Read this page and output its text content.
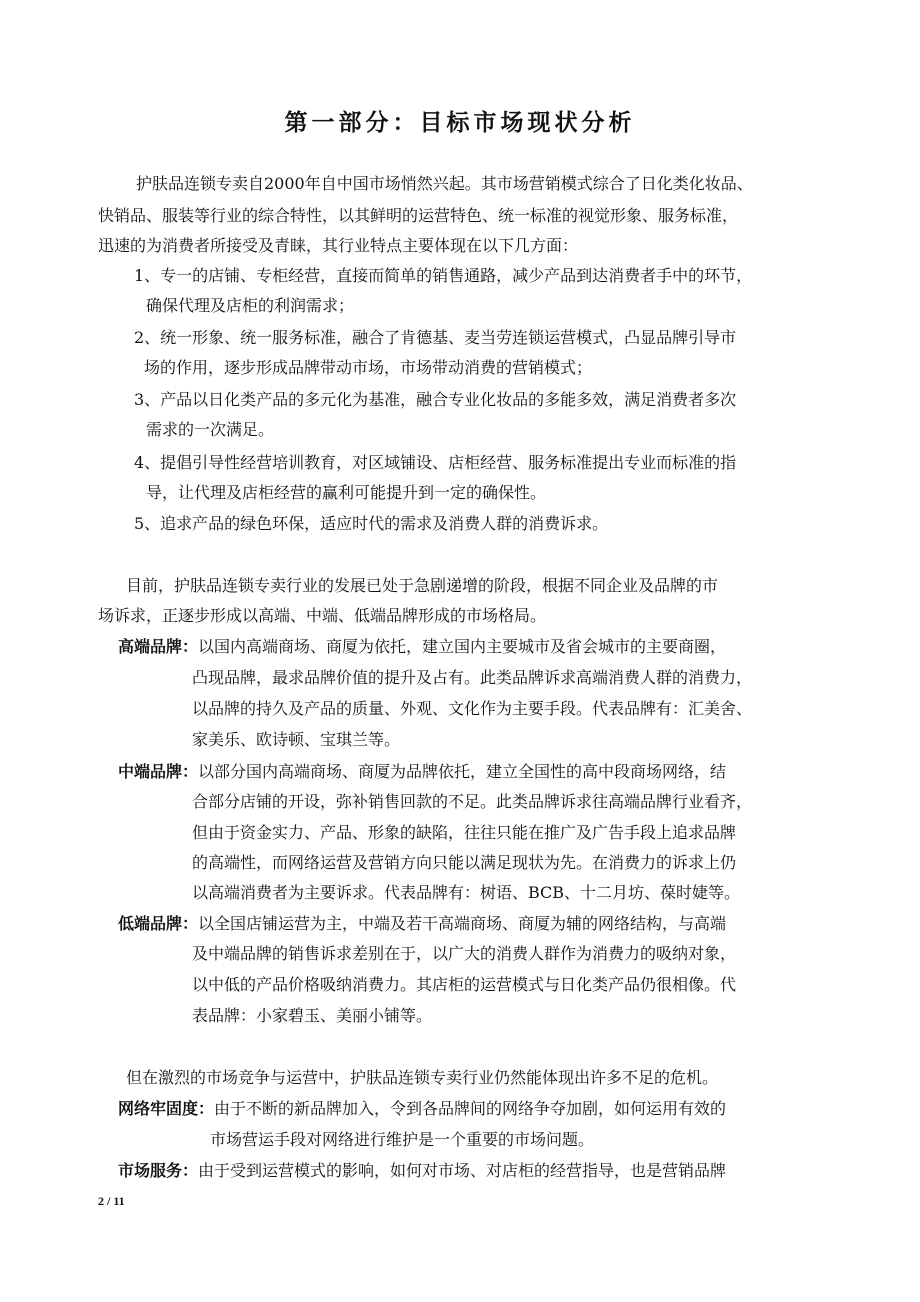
第一部分：目标市场现状分析
护肤品连锁专卖自2000年自中国市场悄然兴起。其市场营销模式综合了日化类化妆品、
快销品、服装等行业的综合特性，以其鲜明的运营特色、统一标准的视觉形象、服务标准，
迅速的为消费者所接受及青睐，其行业特点主要体现在以下几方面：
1、专一的店铺、专柜经营，直接而简单的销售通路，减少产品到达消费者手中的环节，
确保代理及店柜的利润需求；
2、统一形象、统一服务标准，融合了肯德基、麦当劳连锁运营模式，凸显品牌引导市
场的作用，逐步形成品牌带动市场，市场带动消费的营销模式；
3、产品以日化类产品的多元化为基准，融合专业化妆品的多能多效，满足消费者多次
需求的一次满足。
4、提倡引导性经营培训教育，对区域铺设、店柜经营、服务标准提出专业而标准的指
导，让代理及店柜经营的赢利可能提升到一定的确保性。
5、追求产品的绿色环保，适应时代的需求及消费人群的消费诉求。
目前，护肤品连锁专卖行业的发展已处于急剧递增的阶段，根据不同企业及品牌的市
场诉求，正逐步形成以高端、中端、低端品牌形成的市场格局。
高端品牌：以国内高端商场、商厦为依托，建立国内主要城市及省会城市的主要商圈，
凸现品牌，最求品牌价值的提升及占有。此类品牌诉求高端消费人群的消费力，
以品牌的持久及产品的质量、外观、文化作为主要手段。代表品牌有：汇美舍、
家美乐、欧诗顿、宝琪兰等。
中端品牌：以部分国内高端商场、商厦为品牌依托，建立全国性的高中段商场网络，结
合部分店铺的开设，弥补销售回款的不足。此类品牌诉求往高端品牌行业看齐，
但由于资金实力、产品、形象的缺陷，往往只能在推广及广告手段上追求品牌
的高端性，而网络运营及营销方向只能以满足现状为先。在消费力的诉求上仍
以高端消费者为主要诉求。代表品牌有：树语、BCB、十二月坊、葆时婕等。
低端品牌：以全国店铺运营为主，中端及若干高端商场、商厦为辅的网络结构，与高端
及中端品牌的销售诉求差别在于，以广大的消费人群作为消费力的吸纳对象，
以中低的产品价格吸纳消费力。其店柜的运营模式与日化类产品仍很相像。代
表品牌：小家碧玉、美丽小铺等。
但在激烈的市场竞争与运营中，护肤品连锁专卖行业仍然能体现出许多不足的危机。
网络牢固度：由于不断的新品牌加入，令到各品牌间的网络争夺加剧，如何运用有效的
市场营运手段对网络进行维护是一个重要的市场问题。
市场服务：由于受到运营模式的影响，如何对市场、对店柜的经营指导，也是营销品牌
2 / 11
